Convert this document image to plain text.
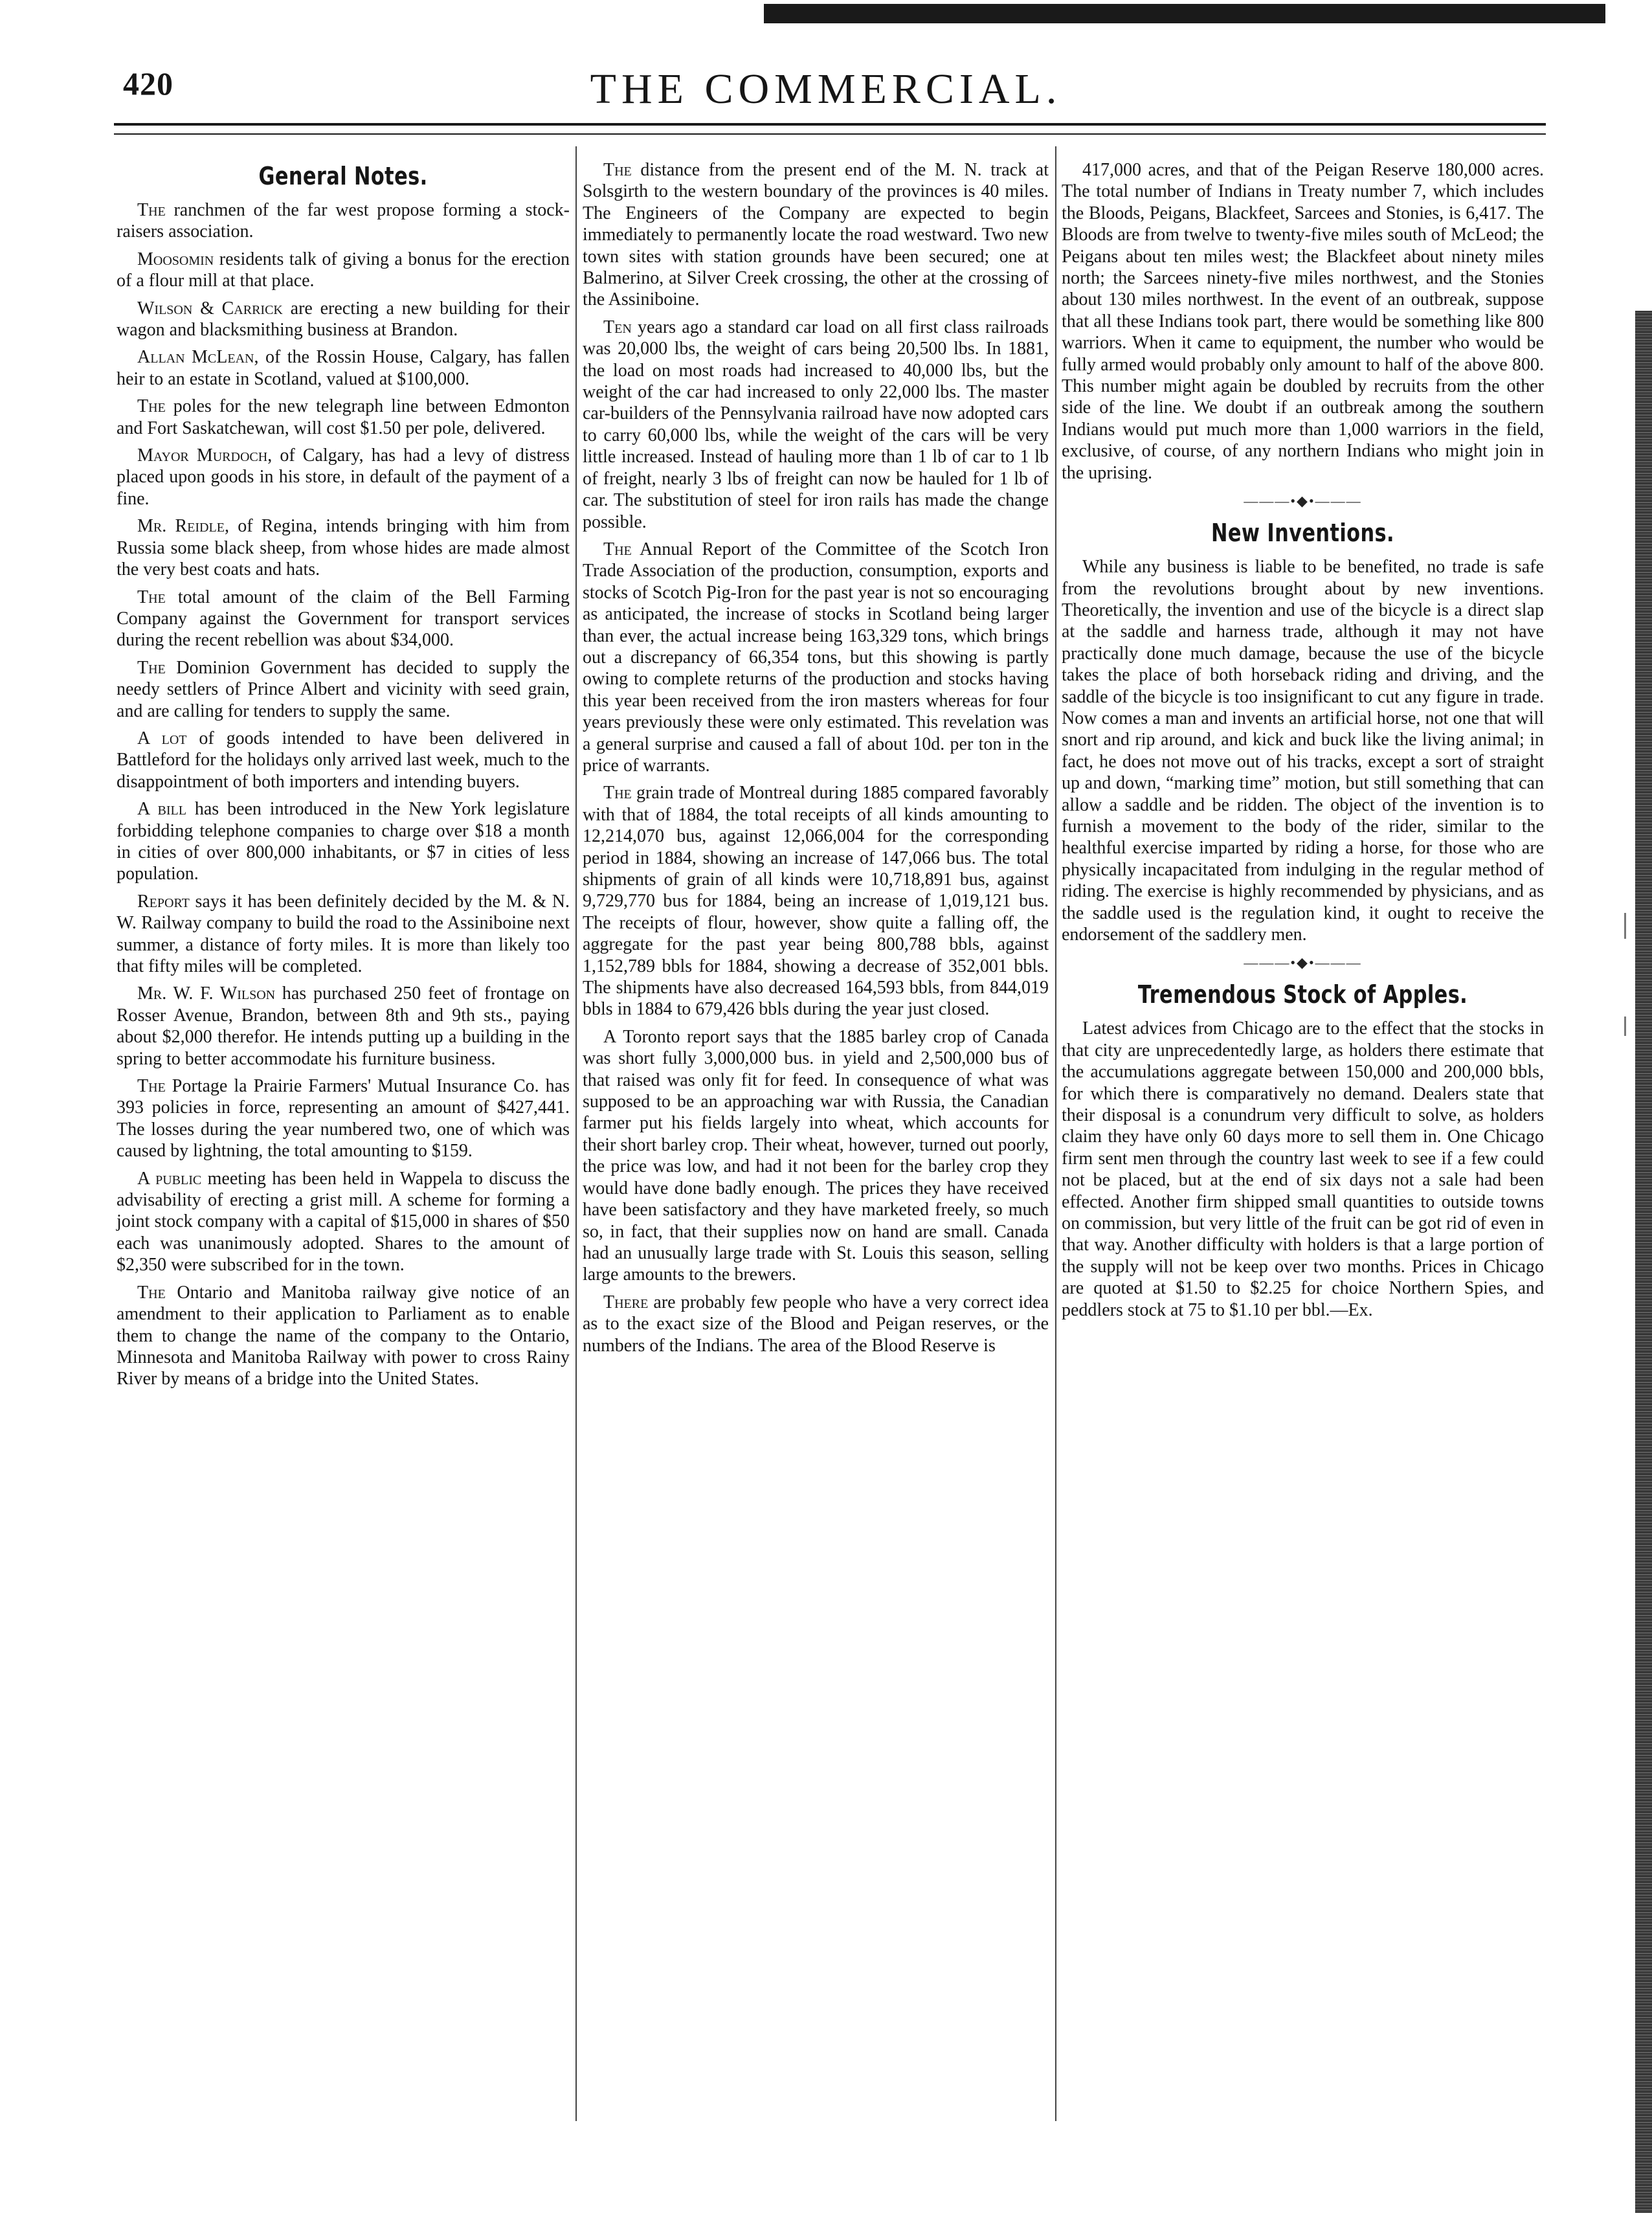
420	THE COMMERCIAL.
General Notes.

The ranchmen of the far west propose forming a stock-raisers association.

Moosomin residents talk of giving a bonus for the erection of a flour mill at that place.

Wilson & Carrick are erecting a new building for their wagon and blacksmithing business at Brandon.

Allan McLean, of the Rossin House, Calgary, has fallen heir to an estate in Scotland, valued at $100,000.

The poles for the new telegraph line between Edmonton and Fort Saskatchewan, will cost $1.50 per pole, delivered.

Mayor Murdoch, of Calgary, has had a levy of distress placed upon goods in his store, in default of the payment of a fine.

Mr. Reidle, of Regina, intends bringing with him from Russia some black sheep, from whose hides are made almost the very best coats and hats.

The total amount of the claim of the Bell Farming Company against the Government for transport services during the recent rebellion was about $34,000.

The Dominion Government has decided to supply the needy settlers of Prince Albert and vicinity with seed grain, and are calling for tenders to supply the same.

A lot of goods intended to have been delivered in Battleford for the holidays only arrived last week, much to the disappointment of both importers and intending buyers.

A bill has been introduced in the New York legislature forbidding telephone companies to charge over $18 a month in cities of over 800,000 inhabitants, or $7 in cities of less population.

Report says it has been definitely decided by the M. & N. W. Railway company to build the road to the Assiniboine next summer, a distance of forty miles. It is more than likely too that fifty miles will be completed.

Mr. W. F. Wilson has purchased 250 feet of frontage on Rosser Avenue, Brandon, between 8th and 9th sts., paying about $2,000 therefor. He intends putting up a building in the spring to better accommodate his furniture business.

The Portage la Prairie Farmers' Mutual Insurance Co. has 393 policies in force, representing an amount of $427,441. The losses during the year numbered two, one of which was caused by lightning, the total amounting to $159.

A public meeting has been held in Wappela to discuss the advisability of erecting a grist mill. A scheme for forming a joint stock company with a capital of $15,000 in shares of $50 each was unanimously adopted. Shares to the amount of $2,350 were subscribed for in the town.

The Ontario and Manitoba railway give notice of an amendment to their application to Parliament as to enable them to change the name of the company to the Ontario, Minnesota and Manitoba Railway with power to cross Rainy River by means of a bridge into the United States.

The distance from the present end of the M. N. track at Solsgirth to the western boundary of the provinces is 40 miles. The Engineers of the Company are expected to begin immediately to permanently locate the road westward. Two new town sites with station grounds have been secured; one at Balmerino, at Silver Creek crossing, the other at the crossing of the Assiniboine.

Ten years ago a standard car load on all first class railroads was 20,000 lbs, the weight of cars being 20,500 lbs. In 1881, the load on most roads had increased to 40,000 lbs, but the weight of the car had increased to only 22,000 lbs. The master car-builders of the Pennsylvania railroad have now adopted cars to carry 60,000 lbs, while the weight of the cars will be very little increased. Instead of hauling more than 1 lb of car to 1 lb of freight, nearly 3 lbs of freight can now be hauled for 1 lb of car. The substitution of steel for iron rails has made the change possible.

The Annual Report of the Committee of the Scotch Iron Trade Association of the production, consumption, exports and stocks of Scotch Pig-Iron for the past year is not so encouraging as anticipated, the increase of stocks in Scotland being larger than ever, the actual increase being 163,329 tons, which brings out a discrepancy of 66,354 tons, but this showing is partly owing to complete returns of the production and stocks having this year been received from the iron masters whereas for four years previously these were only estimated. This revelation was a general surprise and caused a fall of about 10d. per ton in the price of warrants.

The grain trade of Montreal during 1885 compared favorably with that of 1884, the total receipts of all kinds amounting to 12,214,070 bus, against 12,066,004 for the corresponding period in 1884, showing an increase of 147,066 bus. The total shipments of grain of all kinds were 10,718,891 bus, against 9,729,770 bus for 1884, being an increase of 1,019,121 bus. The receipts of flour, however, show quite a falling off, the aggregate for the past year being 800,788 bbls, against 1,152,789 bbls for 1884, showing a decrease of 352,001 bbls. The shipments have also decreased 164,593 bbls, from 844,019 bbls in 1884 to 679,426 bbls during the year just closed.

A Toronto report says that the 1885 barley crop of Canada was short fully 3,000,000 bus. in yield and 2,500,000 bus of that raised was only fit for feed. In consequence of what was supposed to be an approaching war with Russia, the Canadian farmer put his fields largely into wheat, which accounts for their short barley crop. Their wheat, however, turned out poorly, the price was low, and had it not been for the barley crop they would have done badly enough. The prices they have received have been satisfactory and they have marketed freely, so much so, in fact, that their supplies now on hand are small. Canada had an unusually large trade with St. Louis this season, selling large amounts to the brewers.

There are probably few people who have a very correct idea as to the exact size of the Blood and Peigan reserves, or the numbers of the Indians. The area of the Blood Reserve is

417,000 acres, and that of the Peigan Reserve 180,000 acres. The total number of Indians in Treaty number 7, which includes the Bloods, Peigans, Blackfeet, Sarcees and Stonies, is 6,417. The Bloods are from twelve to twenty-five miles south of McLeod; the Peigans about ten miles west; the Blackfeet about ninety miles north; the Sarcees ninety-five miles northwest, and the Stonies about 130 miles northwest. In the event of an outbreak, suppose that all these Indians took part, there would be something like 800 warriors. When it came to equipment, the number who would be fully armed would probably only amount to half of the above 800. This number might again be doubled by recruits from the other side of the line. We doubt if an outbreak among the southern Indians would put much more than 1,000 warriors in the field, exclusive, of course, of any northern Indians who might join in the uprising.

———•◆•———
New Inventions.

While any business is liable to be benefited, no trade is safe from the revolutions brought about by new inventions. Theoretically, the invention and use of the bicycle is a direct slap at the saddle and harness trade, although it may not have practically done much damage, because the use of the bicycle takes the place of both horseback riding and driving, and the saddle of the bicycle is too insignificant to cut any figure in trade. Now comes a man and invents an artificial horse, not one that will snort and rip around, and kick and buck like the living animal; in fact, he does not move out of his tracks, except a sort of straight up and down, “marking time” motion, but still something that can allow a saddle and be ridden. The object of the invention is to furnish a movement to the body of the rider, similar to the healthful exercise imparted by riding a horse, for those who are physically incapacitated from indulging in the regular method of riding. The exercise is highly recommended by physicians, and as the saddle used is the regulation kind, it ought to receive the endorsement of the saddlery men.

———•◆•———
Tremendous Stock of Apples.

Latest advices from Chicago are to the effect that the stocks in that city are unprecedentedly large, as holders there estimate that the accumulations aggregate between 150,000 and 200,000 bbls, for which there is comparatively no demand. Dealers state that their disposal is a conundrum very difficult to solve, as holders claim they have only 60 days more to sell them in. One Chicago firm sent men through the country last week to see if a few could not be placed, but at the end of six days not a sale had been effected. Another firm shipped small quantities to outside towns on commission, but very little of the fruit can be got rid of even in that way. Another difficulty with holders is that a large portion of the supply will not be keep over two months. Prices in Chicago are quoted at $1.50 to $2.25 for choice Northern Spies, and peddlers stock at 75 to $1.10 per bbl.—Ex.
